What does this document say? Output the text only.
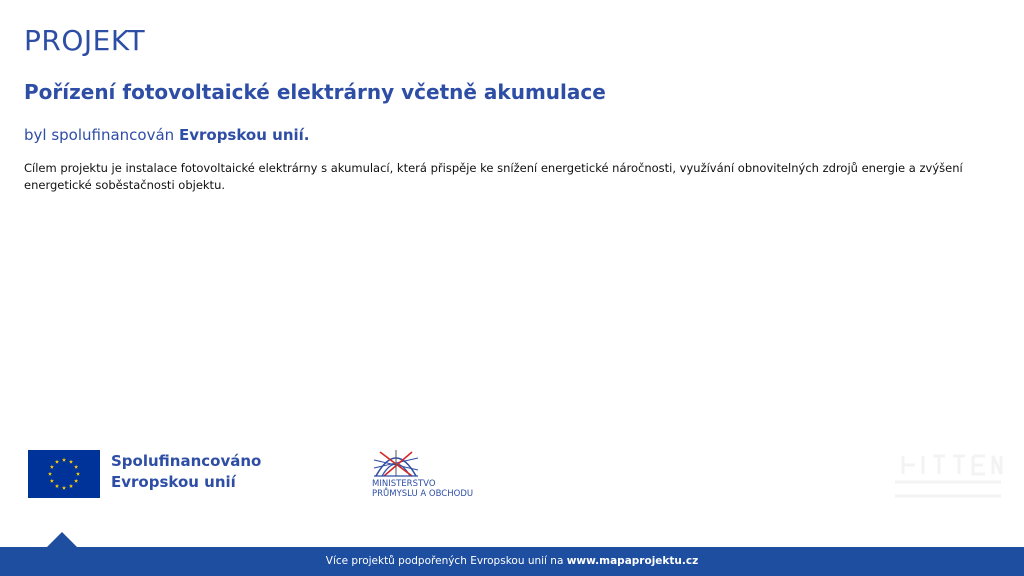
PROJEKT
Pořízení fotovoltaické elektrárny včetně akumulace
byl spolufinancován Evropskou unií.
Cílem projektu je instalace fotovoltaické elektrárny s akumulací, která přispěje ke snížení energetické náročnosti, využívání obnovitelných zdrojů energie a zvýšení energetické soběstačnosti objektu.
Spolufinancováno
Evropskou unií	MINISTERSTVO
PRŮMYSLU A OBCHODU
Více projektů podpořených Evropskou unií na www.mapaprojektu.cz
